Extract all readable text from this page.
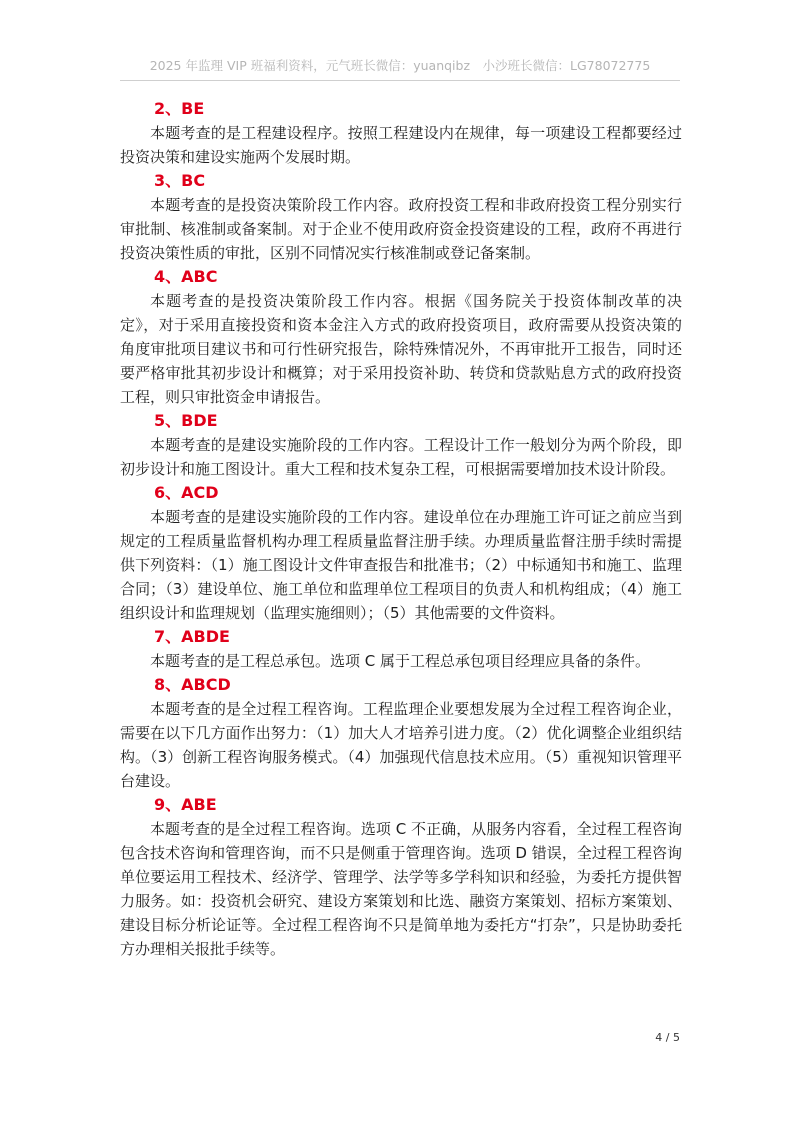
2025 年监理 VIP 班福利资料，元气班长微信：yuanqibz　小沙班长微信：LG78072775

2、BE

本题考查的是工程建设程序。按照工程建设内在规律，每一项建设工程都要经过投资决策和建设实施两个发展时期。

3、BC

本题考查的是投资决策阶段工作内容。政府投资工程和非政府投资工程分别实行审批制、核准制或备案制。对于企业不使用政府资金投资建设的工程，政府不再进行投资决策性质的审批，区别不同情况实行核准制或登记备案制。

4、ABC

本题考查的是投资决策阶段工作内容。根据《国务院关于投资体制改革的决定》，对于采用直接投资和资本金注入方式的政府投资项目，政府需要从投资决策的角度审批项目建议书和可行性研究报告，除特殊情况外，不再审批开工报告，同时还要严格审批其初步设计和概算；对于采用投资补助、转贷和贷款贴息方式的政府投资工程，则只审批资金申请报告。

5、BDE

本题考查的是建设实施阶段的工作内容。工程设计工作一般划分为两个阶段，即初步设计和施工图设计。重大工程和技术复杂工程，可根据需要增加技术设计阶段。

6、ACD

本题考查的是建设实施阶段的工作内容。建设单位在办理施工许可证之前应当到规定的工程质量监督机构办理工程质量监督注册手续。办理质量监督注册手续时需提供下列资料：（1）施工图设计文件审查报告和批准书；（2）中标通知书和施工、监理合同；（3）建设单位、施工单位和监理单位工程项目的负责人和机构组成；（4）施工组织设计和监理规划（监理实施细则）；（5）其他需要的文件资料。

7、ABDE

本题考查的是工程总承包。选项 C 属于工程总承包项目经理应具备的条件。

8、ABCD

本题考查的是全过程工程咨询。工程监理企业要想发展为全过程工程咨询企业，需要在以下几方面作出努力：（1）加大人才培养引进力度。（2）优化调整企业组织结构。（3）创新工程咨询服务模式。（4）加强现代信息技术应用。（5）重视知识管理平台建设。

9、ABE

本题考查的是全过程工程咨询。选项 C 不正确，从服务内容看，全过程工程咨询包含技术咨询和管理咨询，而不只是侧重于管理咨询。选项 D 错误，全过程工程咨询单位要运用工程技术、经济学、管理学、法学等多学科知识和经验，为委托方提供智力服务。如：投资机会研究、建设方案策划和比选、融资方案策划、招标方案策划、建设目标分析论证等。全过程工程咨询不只是简单地为委托方“打杂”，只是协助委托方办理相关报批手续等。

4 / 5
